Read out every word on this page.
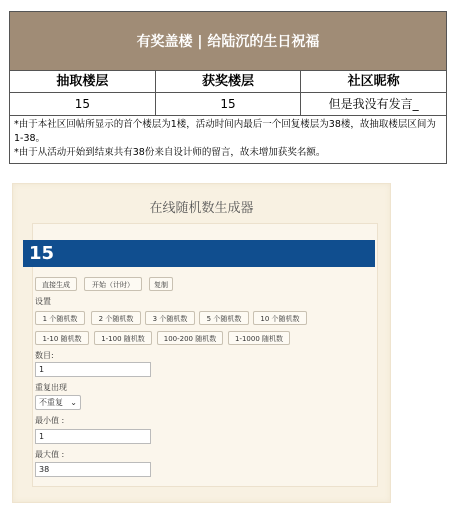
有奖盖楼 | 给陆沉的生日祝福
抽取楼层	获奖楼层	社区昵称
15	15	但是我没有发言_
*由于本社区回帖所显示的首个楼层为1楼，活动时间内最后一个回复楼层为38楼，故抽取楼层区间为1-38。
*由于从活动开始到结束共有38份来自设计师的留言，故未增加获奖名额。
在线随机数生成器
15
直接生成	开始（计时）	复制
设置
1 个随机数	2 个随机数	3 个随机数	5 个随机数	10 个随机数
1-10 随机数	1-100 随机数	100-200 随机数	1-1000 随机数
数目:
1
重复出现
不重复 ⌄
最小值 :
1
最大值 :
38
